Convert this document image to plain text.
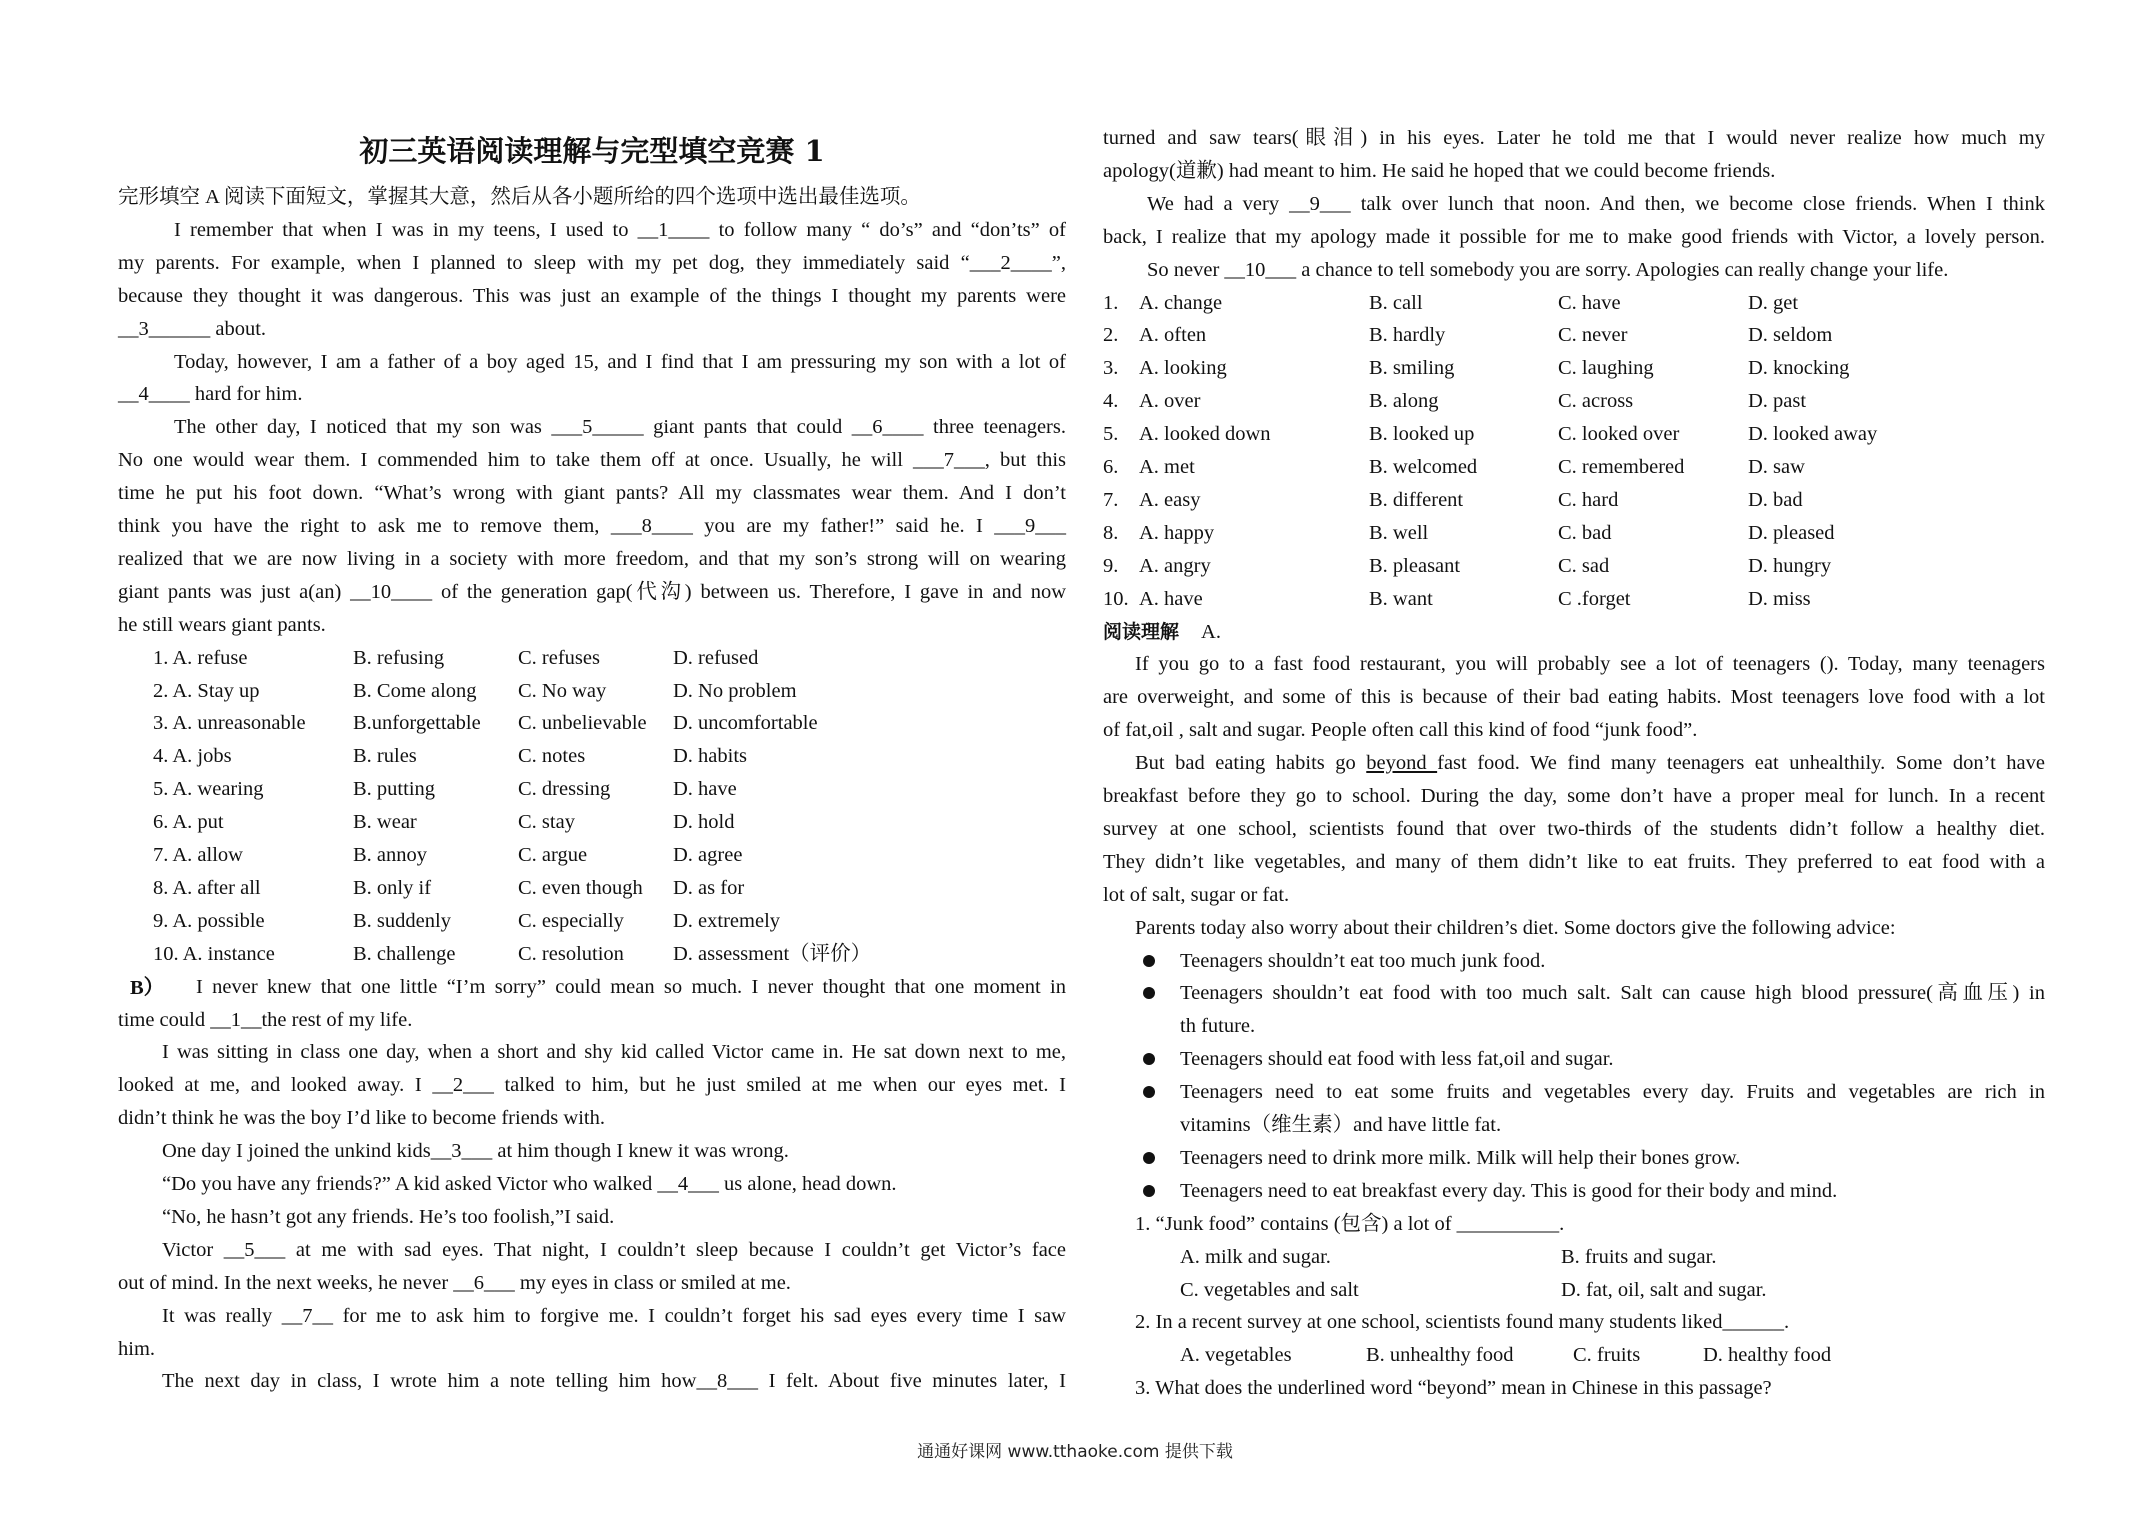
初三英语阅读理解与完型填空竞赛 1
完形填空 A 阅读下面短文，掌握其大意，然后从各小题所给的四个选项中选出最佳选项。
I remember that when I was in my teens, I used to __1____ to follow many “ do’s” and “don’ts” of
my parents. For example, when I planned to sleep with my pet dog, they immediately said “___2____”,
because they thought it was dangerous. This was just an example of the things I thought my parents were
__3______ about.
Today, however, I am a father of a boy aged 15, and I find that I am pressuring my son with a lot of
__4____ hard for him.
The other day, I noticed that my son was ___5_____ giant pants that could __6____ three teenagers.
No one would wear them. I commended him to take them off at once. Usually, he will ___7___, but this
time he put his foot down. “What’s wrong with giant pants? All my classmates wear them. And I don’t
think you have the right to ask me to remove them, ___8____ you are my father!” said he. I ___9___
realized that we are now living in a society with more freedom, and that my son’s strong will on wearing
giant pants was just a(an) __10____ of the generation gap(代沟) between us. Therefore, I gave in and now
he still wears giant pants.
1. A. refuse	B. refusing	C. refuses	D. refused
2. A. Stay up	B. Come along C. No way	D. No problem
3. A. unreasonable B.unforgettable C. unbelievable D. uncomfortable
4. A. jobs	B. rules	C. notes	D. habits
5. A. wearing	B. putting	C. dressing	D. have
6. A. put	B. wear	C. stay	D. hold
7. A. allow	B. annoy	C. argue	D. agree
8. A. after all	B. only if	C. even though D. as for
9. A. possible	B. suddenly	C. especially D. extremely
10. A. instance	B. challenge	C. resolution D. assessment（评价）
B）	I never knew that one little “I’m sorry” could mean so much. I never thought that one moment in
time could __1__the rest of my life.
I was sitting in class one day, when a short and shy kid called Victor came in. He sat down next to me,
looked at me, and looked away. I __2___ talked to him, but he just smiled at me when our eyes met. I
didn’t think he was the boy I’d like to become friends with.
One day I joined the unkind kids__3___ at him though I knew it was wrong.
“Do you have any friends?” A kid asked Victor who walked __4___ us alone, head down.
“No, he hasn’t got any friends. He’s too foolish,”I said.
Victor __5___ at me with sad eyes. That night, I couldn’t sleep because I couldn’t get Victor’s face
out of mind. In the next weeks, he never __6___ my eyes in class or smiled at me.
It was really __7__ for me to ask him to forgive me. I couldn’t forget his sad eyes every time I saw
him.
The next day in class, I wrote him a note telling him how__8___ I felt. About five minutes later, I
turned and saw tears(眼泪) in his eyes. Later he told me that I would never realize how much my
apology(道歉) had meant to him. He said he hoped that we could become friends.
We had a very __9___ talk over lunch that noon. And then, we become close friends. When I think
back, I realize that my apology made it possible for me to make good friends with Victor, a lovely person.
So never __10___ a chance to tell somebody you are sorry. Apologies can really change your life.
1. A. change	B. call	C. have	D. get
2. A. often	B. hardly	C. never	D. seldom
3. A. looking	B. smiling	C. laughing	D. knocking
4. A. over	B. along	C. across	D. past
5. A. looked down	B. looked up	C. looked over	D. looked away
6. A. met	B. welcomed	C. remembered	D. saw
7. A. easy	B. different	C. hard	D. bad
8. A. happy	B. well	C. bad	D. pleased
9. A. angry	B. pleasant	C. sad	D. hungry
10. A. have	B. want	C .forget	D. miss
阅读理解 A.
If you go to a fast food restaurant, you will probably see a lot of teenagers (). Today, many teenagers
are overweight, and some of this is because of their bad eating habits. Most teenagers love food with a lot
of fat,oil , salt and sugar. People often call this kind of food “junk food”.
But bad eating habits go beyond fast food. We find many teenagers eat unhealthily. Some don’t have
breakfast before they go to school. During the day, some don’t have a proper meal for lunch. In a recent
survey at one school, scientists found that over two-thirds of the students didn’t follow a healthy diet.
They didn’t like vegetables, and many of them didn’t like to eat fruits. They preferred to eat food with a
lot of salt, sugar or fat.
Parents today also worry about their children’s diet. Some doctors give the following advice:
Teenagers shouldn’t eat too much junk food.
Teenagers shouldn’t eat food with too much salt. Salt can cause high blood pressure(高血压) in
th future.
Teenagers should eat food with less fat,oil and sugar.
Teenagers need to eat some fruits and vegetables every day. Fruits and vegetables are rich in
vitamins（维生素）and have little fat.
Teenagers need to drink more milk. Milk will help their bones grow.
Teenagers need to eat breakfast every day. This is good for their body and mind.
1. “Junk food” contains (包含) a lot of __________.
A. milk and sugar.	B. fruits and sugar.
C. vegetables and salt	D. fat, oil, salt and sugar.
2. In a recent survey at one school, scientists found many students liked______.
A. vegetables	B. unhealthy food	C. fruits	D. healthy food
3. What does the underlined word “beyond” mean in Chinese in this passage?
通通好课网 www.tthaoke.com 提供下载
